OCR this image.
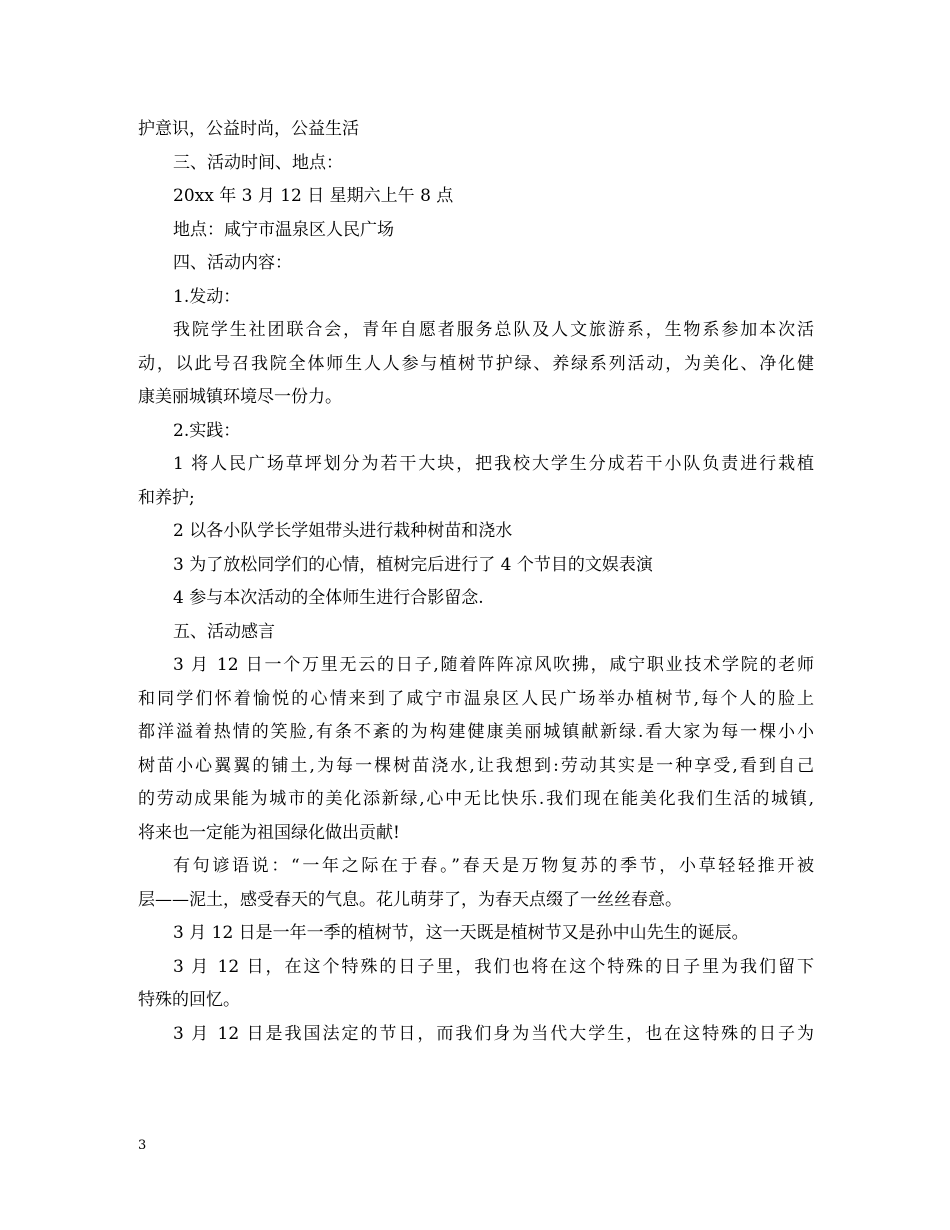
护意识，公益时尚，公益生活
三、活动时间、地点：
20xx 年 3 月 12 日 星期六上午 8 点
地点：咸宁市温泉区人民广场
四、活动内容：
1.发动：
我院学生社团联合会，青年自愿者服务总队及人文旅游系，生物系参加本次活
动，以此号召我院全体师生人人参与植树节护绿、养绿系列活动，为美化、净化健
康美丽城镇环境尽一份力。
2.实践：
1 将人民广场草坪划分为若干大块，把我校大学生分成若干小队负责进行栽植
和养护;
2 以各小队学长学姐带头进行栽种树苗和浇水
3 为了放松同学们的心情，植树完后进行了 4 个节目的文娱表演
4 参与本次活动的全体师生进行合影留念.
五、活动感言
3 月 12 日一个万里无云的日子,随着阵阵凉风吹拂，咸宁职业技术学院的老师
和同学们怀着愉悦的心情来到了咸宁市温泉区人民广场举办植树节,每个人的脸上
都洋溢着热情的笑脸,有条不紊的为构建健康美丽城镇献新绿.看大家为每一棵小小
树苗小心翼翼的铺土,为每一棵树苗浇水,让我想到:劳动其实是一种享受,看到自己
的劳动成果能为城市的美化添新绿,心中无比快乐.我们现在能美化我们生活的城镇,
将来也一定能为祖国绿化做出贡献!
有句谚语说：“一年之际在于春。”春天是万物复苏的季节，小草轻轻推开被
层——泥土，感受春天的气息。花儿萌芽了，为春天点缀了一丝丝春意。
3 月 12 日是一年一季的植树节，这一天既是植树节又是孙中山先生的诞辰。
3 月 12 日，在这个特殊的日子里，我们也将在这个特殊的日子里为我们留下
特殊的回忆。
3 月 12 日是我国法定的节日，而我们身为当代大学生，也在这特殊的日子为
3
